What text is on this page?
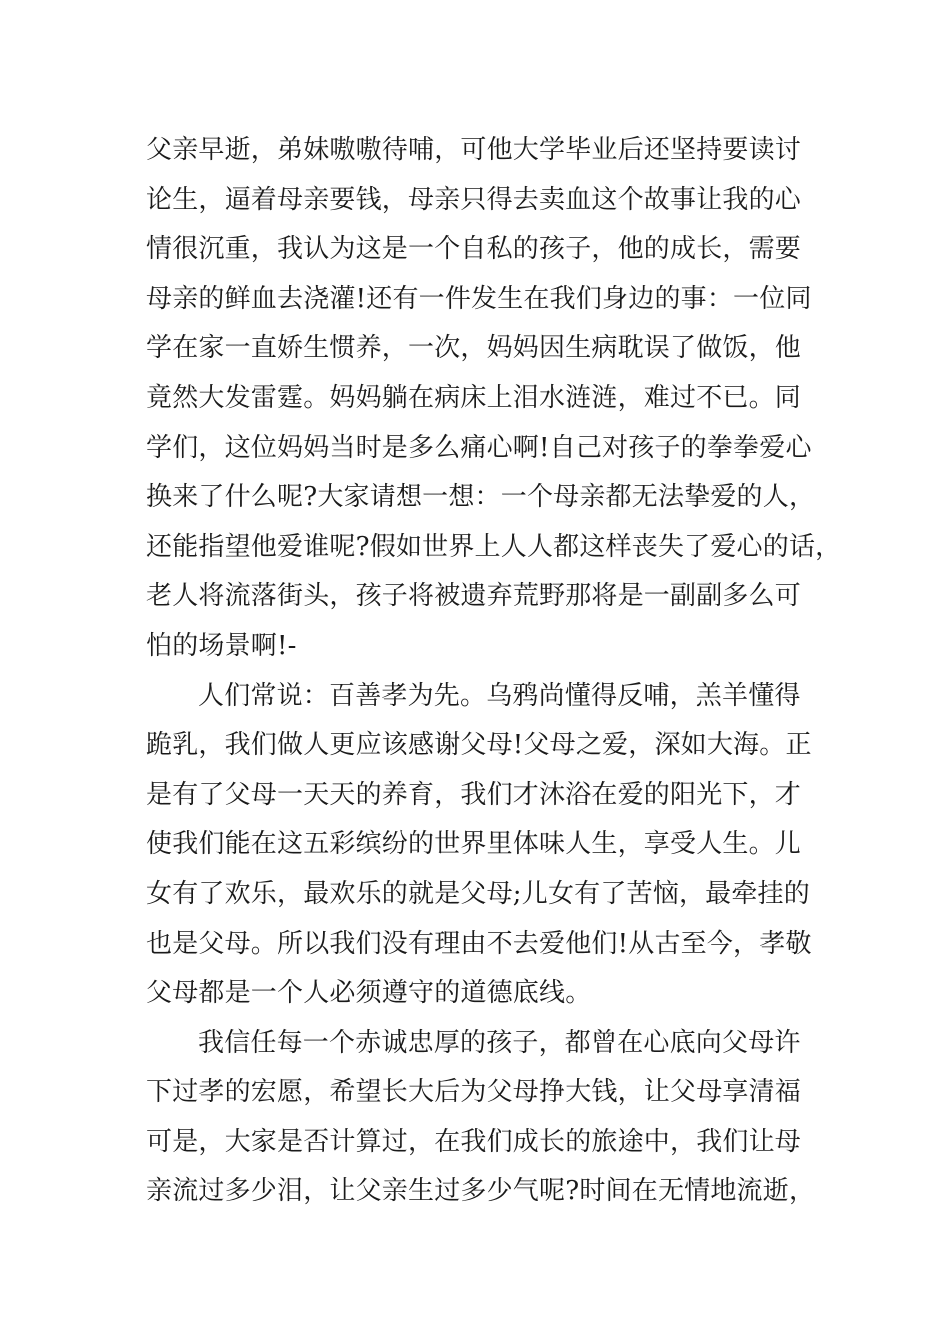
父亲早逝，弟妹嗷嗷待哺，可他大学毕业后还坚持要读讨
论生，逼着母亲要钱，母亲只得去卖血这个故事让我的心
情很沉重，我认为这是一个自私的孩子，他的成长，需要
母亲的鲜血去浇灌!还有一件发生在我们身边的事：一位同
学在家一直娇生惯养，一次，妈妈因生病耽误了做饭，他
竟然大发雷霆。妈妈躺在病床上泪水涟涟，难过不已。同
学们，这位妈妈当时是多么痛心啊!自己对孩子的拳拳爱心
换来了什么呢?大家请想一想：一个母亲都无法挚爱的人，
还能指望他爱谁呢?假如世界上人人都这样丧失了爱心的话，
老人将流落街头，孩子将被遗弃荒野那将是一副副多么可
怕的场景啊!-
人们常说：百善孝为先。乌鸦尚懂得反哺，羔羊懂得
跪乳，我们做人更应该感谢父母!父母之爱，深如大海。正
是有了父母一天天的养育，我们才沐浴在爱的阳光下，才
使我们能在这五彩缤纷的世界里体味人生，享受人生。儿
女有了欢乐，最欢乐的就是父母;儿女有了苦恼，最牵挂的
也是父母。所以我们没有理由不去爱他们!从古至今，孝敬
父母都是一个人必须遵守的道德底线。
我信任每一个赤诚忠厚的孩子，都曾在心底向父母许
下过孝的宏愿，希望长大后为父母挣大钱，让父母享清福
可是，大家是否计算过，在我们成长的旅途中，我们让母
亲流过多少泪，让父亲生过多少气呢?时间在无情地流逝，
